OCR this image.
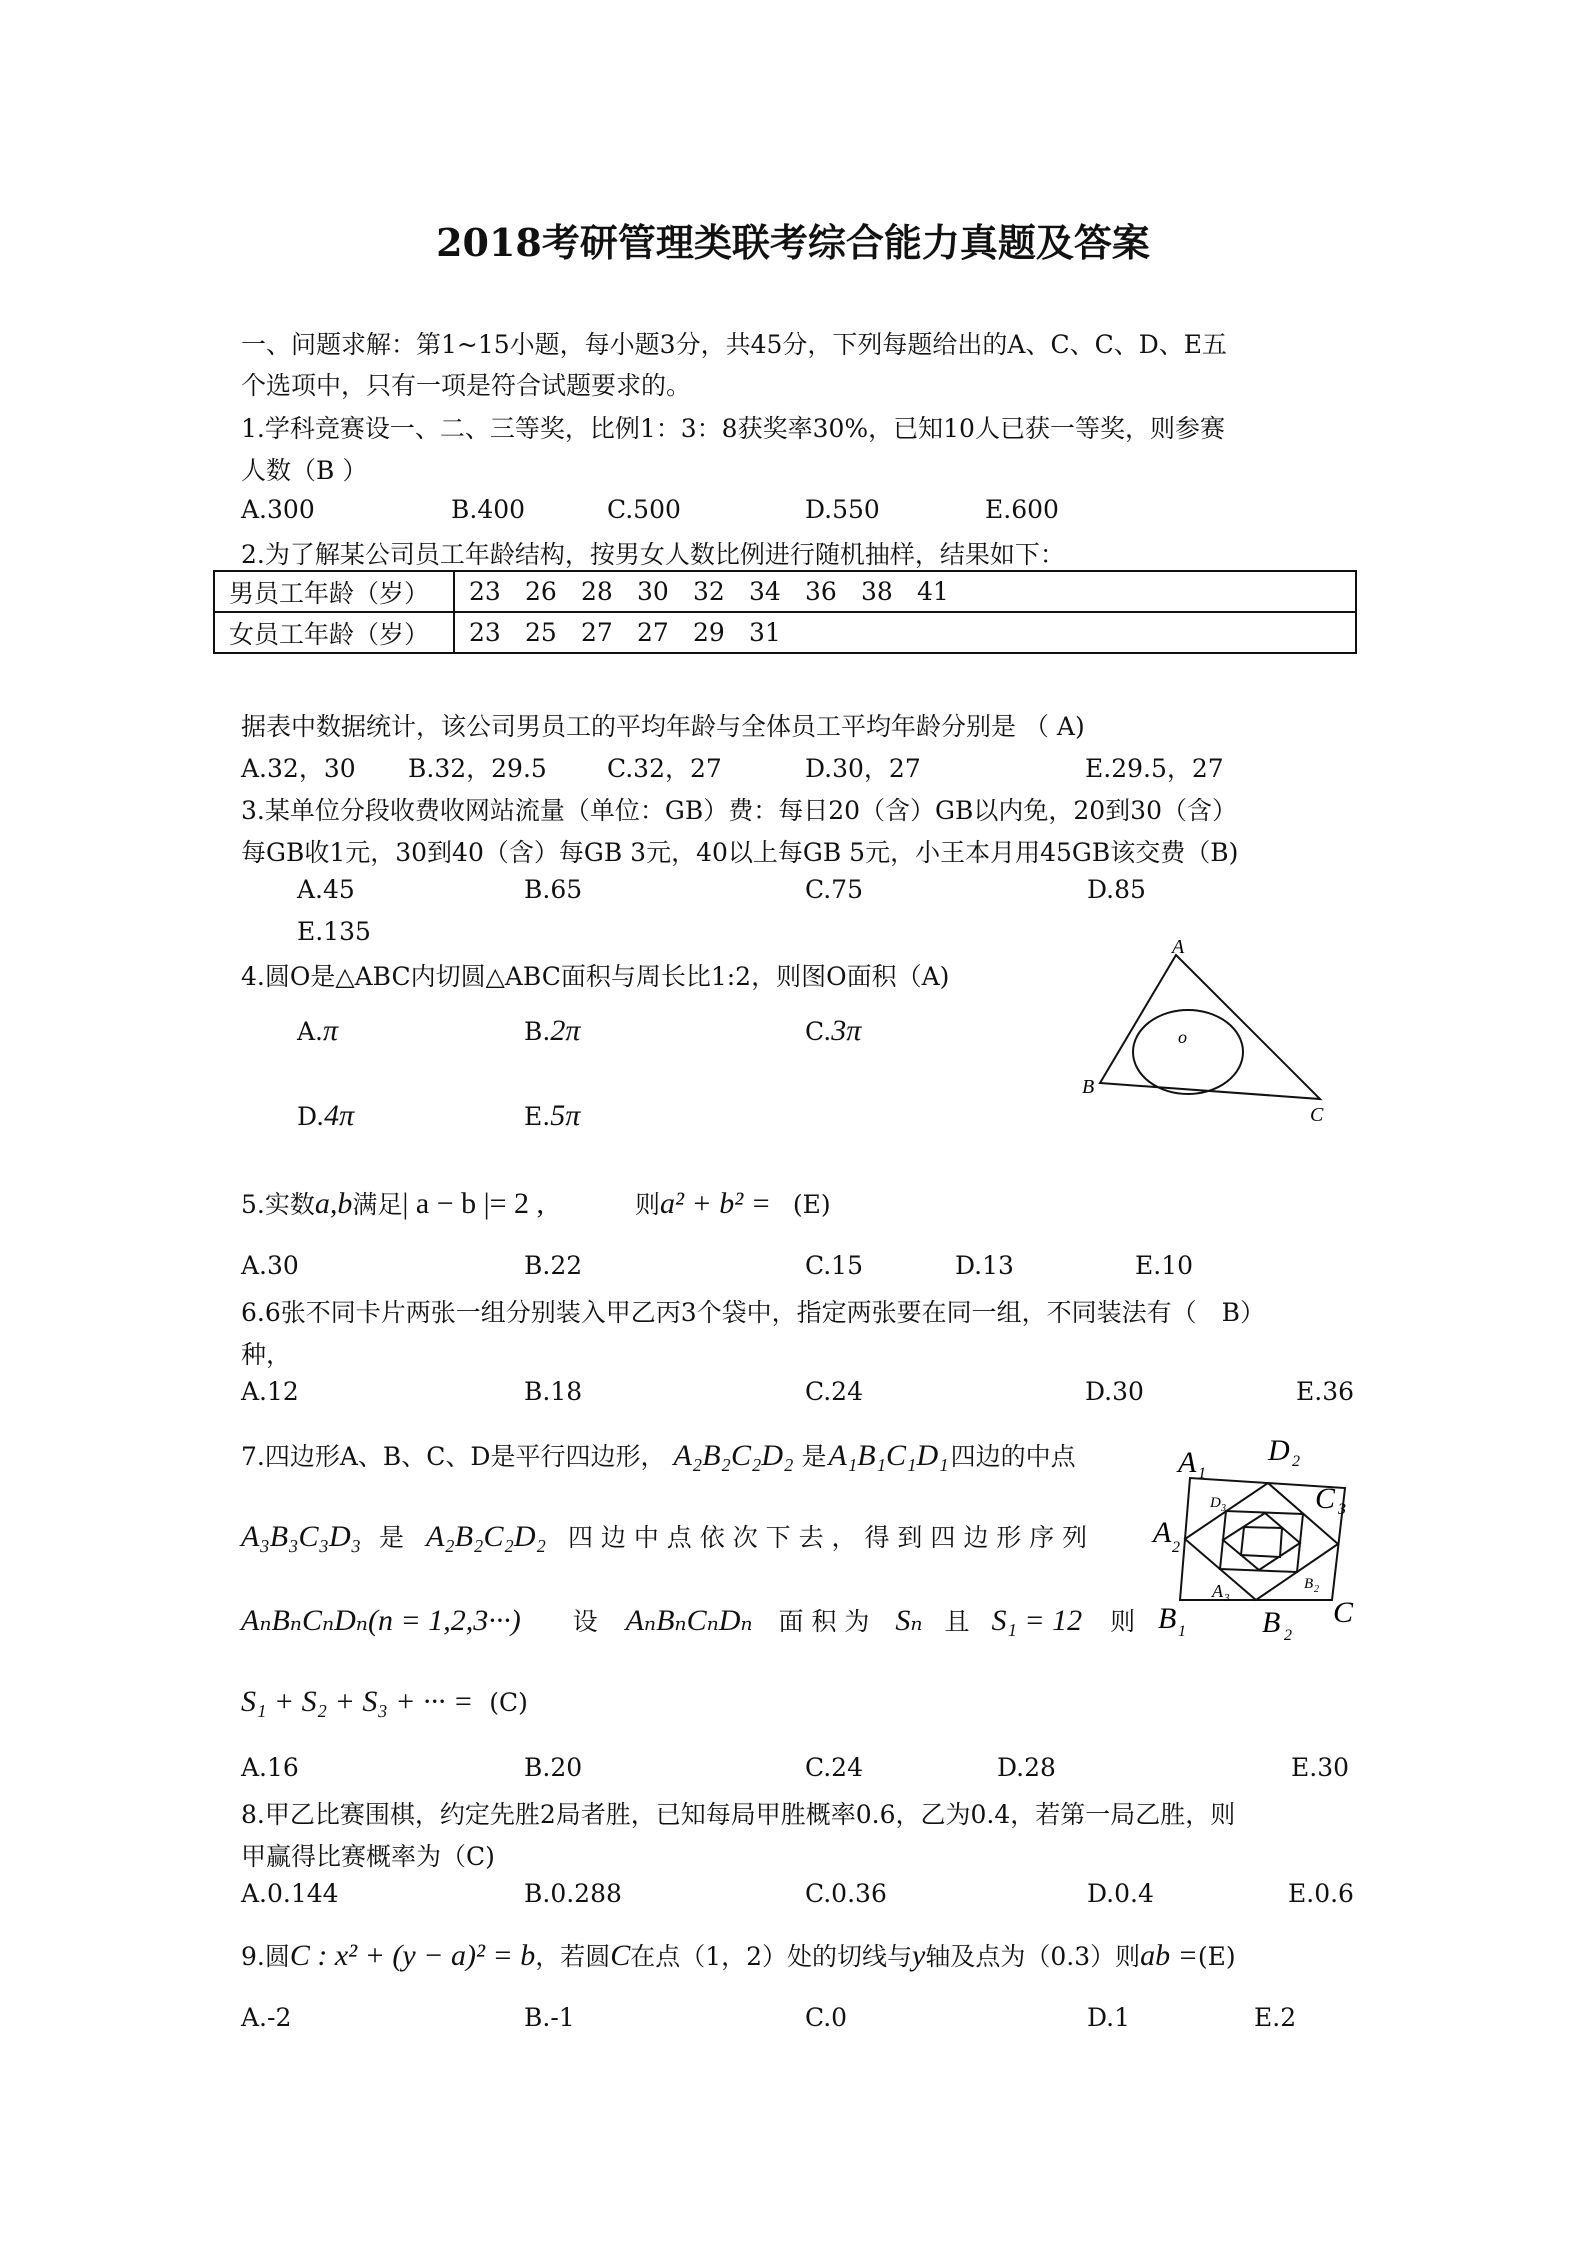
2018考研管理类联考综合能力真题及答案
一、问题求解：第1~15小题，每小题3分，共45分，下列每题给出的A、C、C、D、E五
个选项中，只有一项是符合试题要求的。
1.学科竞赛设一、二、三等奖，比例1：3：8获奖率30%，已知10人已获一等奖，则参赛
人数（B ）
A.300	B.400	C.500	D.550	E.600
2.为了解某公司员工年龄结构，按男女人数比例进行随机抽样，结果如下：
男员工年龄（岁）	23 26 28 30 32 34 36 38 41
女员工年龄（岁）	23 25 27 27 29 31
据表中数据统计，该公司男员工的平均年龄与全体员工平均年龄分别是 （ A)
A.32，30 B.32，29.5 C.32，27	D.30，27	E.29.5，27
3.某单位分段收费收网站流量（单位：GB）费：每日20（含）GB以内免，20到30（含）
每GB收1元，30到40（含）每GB 3元，40以上每GB 5元，小王本月用45GB该交费（B)
A.45	B.65	C.75	D.85
E.135
4.圆O是△ABC内切圆△ABC面积与周长比1:2，则图O面积（A)
A.π	B.2π	C.3π
D.4π	E.5π
A
B
C
o
5.实数a,b满足| a − b |= 2 ,	则a² + b² = (E)
A.30	B.22	C.15	D.13	E.10
6.6张不同卡片两张一组分别装入甲乙丙3个袋中，指定两张要在同一组，不同装法有（　B）
种，
A.12	B.18	C.24	D.30	E.36
7.四边形A、B、C、D是平行四边形， A₂B₂C₂D₂ 是A₁B₁C₁D₁四边的中点
A₃B₃C₃D₃ 是 A₂B₂C₂D₂ 四 边 中 点 依 次 下 去 ， 得 到 四 边 形 序 列
AₙBₙCₙDₙ(n = 1,2,3···) 设 AₙBₙCₙDₙ 面 积 为 Sₙ 且 S₁ = 12 则
S₁ + S₂ + S₃ + ··· = (C)
A.16	B.20	C.24	D.28	E.30
A 1
D 2
C 3
A 2
B 1	B 2
C
D 3
A 3
B 2
8.甲乙比赛围棋，约定先胜2局者胜，已知每局甲胜概率0.6，乙为0.4，若第一局乙胜，则
甲赢得比赛概率为（C)
A.0.144	B.0.288	C.0.36	D.0.4	E.0.6
9.圆C : x² + (y − a)² = b，若圆C在点（1，2）处的切线与y轴及点为（0.3）则ab =(E)
A.-2	B.-1	C.0	D.1	E.2
